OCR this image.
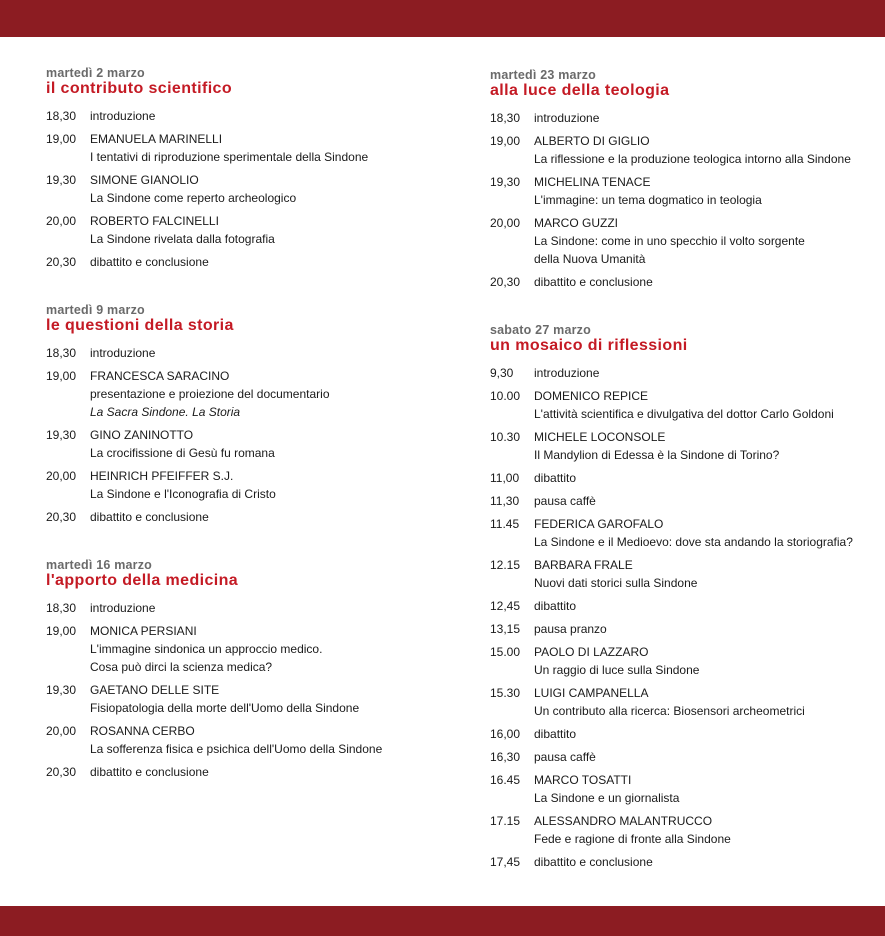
martedì 2 marzo
il contributo scientifico
18,30	introduzione
19,00	EMANUELA MARINELLI
I tentativi di riproduzione sperimentale della Sindone
19,30	SIMONE GIANOLIO
La Sindone come reperto archeologico
20,00	ROBERTO FALCINELLI
La Sindone rivelata dalla fotografia
20,30	dibattito e conclusione
martedì 9 marzo
le questioni della storia
18,30	introduzione
19,00	FRANCESCA SARACINO
presentazione e proiezione del documentario
La Sacra Sindone. La Storia
19,30	GINO ZANINOTTO
La crocifissione di Gesù fu romana
20,00	HEINRICH PFEIFFER S.J.
La Sindone e l'Iconografia di Cristo
20,30	dibattito e conclusione
martedì 16 marzo
l'apporto della medicina
18,30	introduzione
19,00	MONICA PERSIANI
L'immagine sindonica un approccio medico.
Cosa può dirci la scienza medica?
19,30	GAETANO DELLE SITE
Fisiopatologia della morte dell'Uomo della Sindone
20,00	ROSANNA CERBO
La sofferenza fisica e psichica dell'Uomo della Sindone
20,30	dibattito e conclusione
martedì 23 marzo
alla luce della teologia
18,30	introduzione
19,00	ALBERTO DI GIGLIO
La riflessione e la produzione teologica intorno alla Sindone
19,30	MICHELINA TENACE
L'immagine: un tema dogmatico in teologia
20,00	MARCO GUZZI
La Sindone: come in uno specchio il volto sorgente
della Nuova Umanità
20,30	dibattito e conclusione
sabato 27 marzo
un mosaico di riflessioni
9,30	introduzione
10.00	DOMENICO REPICE
L'attività scientifica e divulgativa del dottor Carlo Goldoni
10.30	MICHELE LOCONSOLE
Il Mandylion di Edessa è la Sindone di Torino?
11,00	dibattito
11,30	pausa caffè
11.45	FEDERICA GAROFALO
La Sindone e il Medioevo: dove sta andando la storiografia?
12.15	BARBARA FRALE
Nuovi dati storici sulla Sindone
12,45	dibattito
13,15	pausa pranzo
15.00	PAOLO DI LAZZARO
Un raggio di luce sulla Sindone
15.30	LUIGI CAMPANELLA
Un contributo alla ricerca: Biosensori archeometrici
16,00	dibattito
16,30	pausa caffè
16.45	MARCO TOSATTI
La Sindone e un giornalista
17.15	ALESSANDRO MALANTRUCCO
Fede e ragione di fronte alla Sindone
17,45	dibattito e conclusione
